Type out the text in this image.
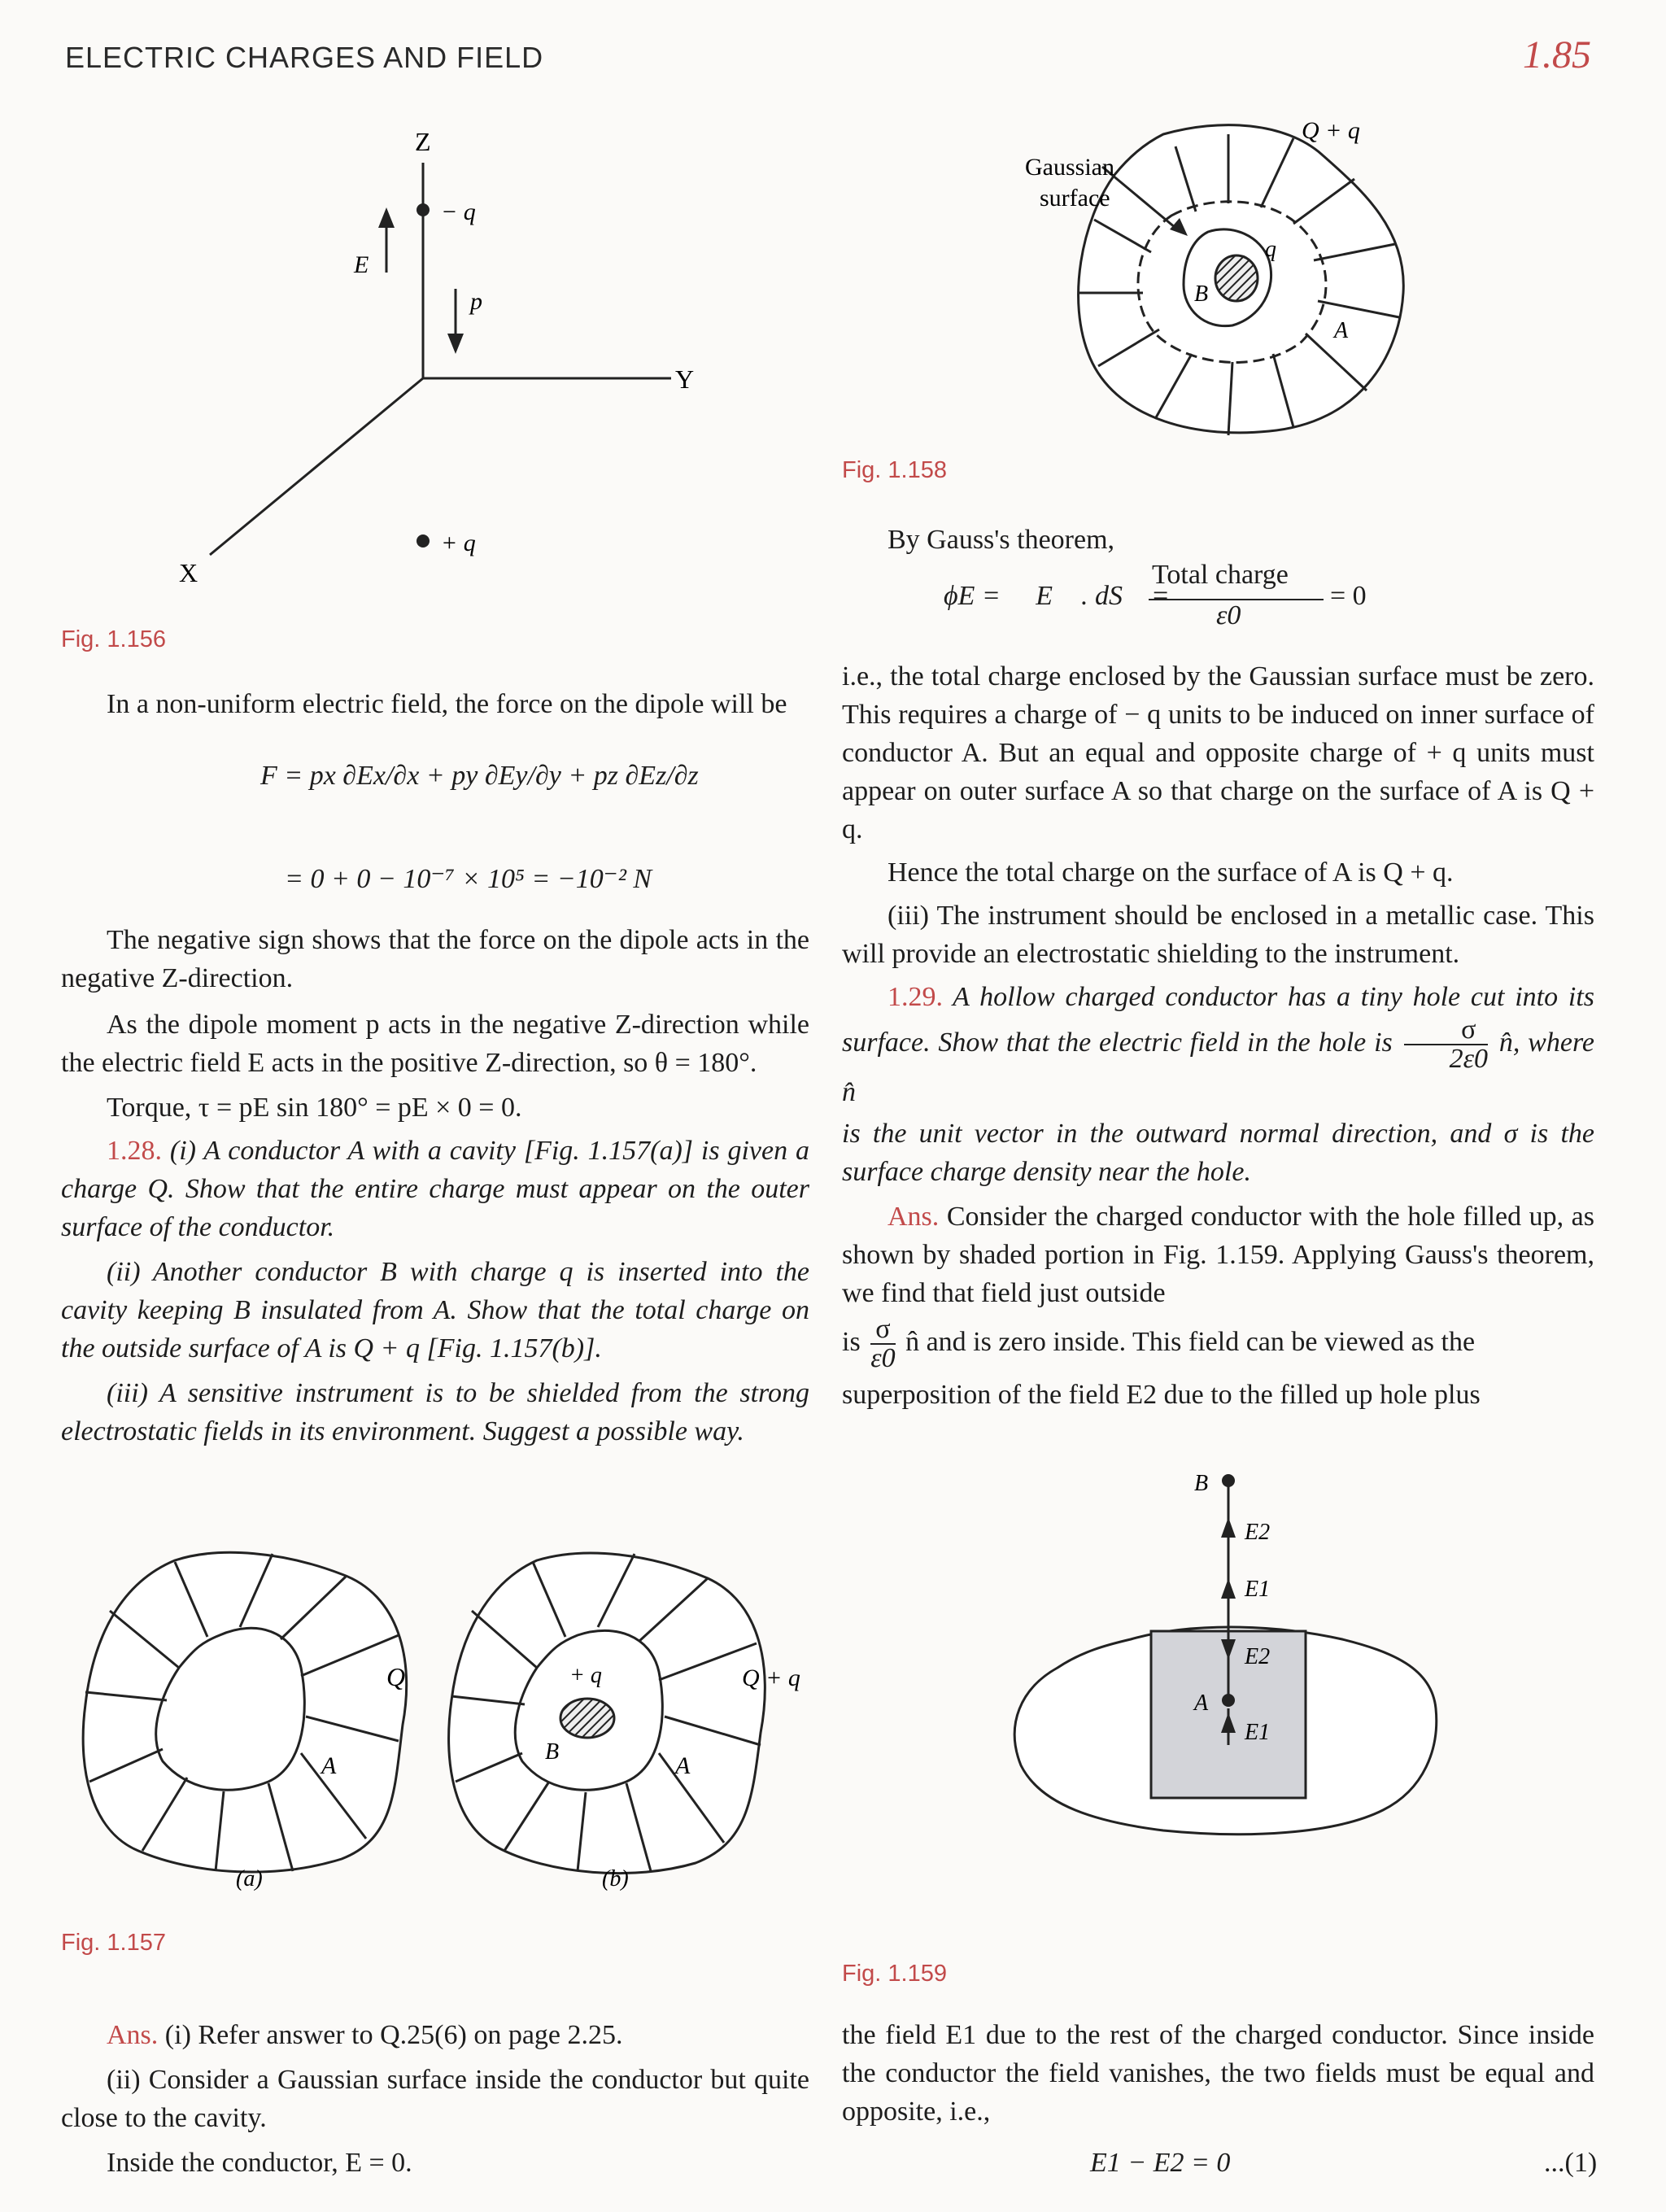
ELECTRIC CHARGES AND FIELD	1.85
Z
Y
X
− q
+ q
E
p
Fig. 1.156

In a non-uniform electric field, the force on the dipole will be

F = px ∂Ex/∂x + py ∂Ey/∂y + pz ∂Ez/∂z
= 0 + 0 − 10⁻⁷ × 10⁵ = −10⁻² N

The negative sign shows that the force on the dipole acts in the negative Z-direction.

As the dipole moment p acts in the negative Z-direction while the electric field E acts in the positive Z-direction, so θ = 180°.

Torque, τ = pE sin 180° = pE × 0 = 0.

1.28. (i) A conductor A with a cavity [Fig. 1.157(a)] is given a charge Q. Show that the entire charge must appear on the outer surface of the conductor.

(ii) Another conductor B with charge q is inserted into the cavity keeping B insulated from A. Show that the total charge on the outside surface of A is Q + q [Fig. 1.157(b)].

(iii) A sensitive instrument is to be shielded from the strong electrostatic fields in its environment. Suggest a possible way.

Q
A
+ q	Q + q
B
A
(a)	(b)
Fig. 1.157

Ans. (i) Refer answer to Q.25(6) on page 2.25.

(ii) Consider a Gaussian surface inside the conductor but quite close to the cavity.

Inside the conductor, E = 0.

Gaussian
surface
Q + q
q
B
A
Fig. 1.158

By Gauss's theorem,

ϕE = ∮ E⃗ . dS⃗ =
Total charge
ε0
= 0

i.e., the total charge enclosed by the Gaussian surface must be zero. This requires a charge of − q units to be induced on inner surface of conductor A. But an equal and opposite charge of + q units must appear on outer surface A so that charge on the surface of A is Q + q.

Hence the total charge on the surface of A is Q + q.

(iii) The instrument should be enclosed in a metallic case. This will provide an electrostatic shielding to the instrument.

1.29. A hollow charged conductor has a tiny hole cut into its surface. Show that the electric field in the hole is $\frac{\sigma}{2\varepsilon 0}$ n̂, where n̂

is the unit vector in the outward normal direction, and σ is the surface charge density near the hole.

Ans. Consider the charged conductor with the hole filled up, as shown by shaded portion in Fig. 1.159. Applying Gauss's theorem, we find that field just outside

is $\frac{\sigma}{\varepsilon 0}$ n̂ and is zero inside. This field can be viewed as the

superposition of the field E2 due to the filled up hole plus

B
A
E2
E1
E2
E1
Fig. 1.159

the field E1 due to the rest of the charged conductor. Since inside the conductor the field vanishes, the two fields must be equal and opposite, i.e.,

E1 − E2 = 0	...(1)
